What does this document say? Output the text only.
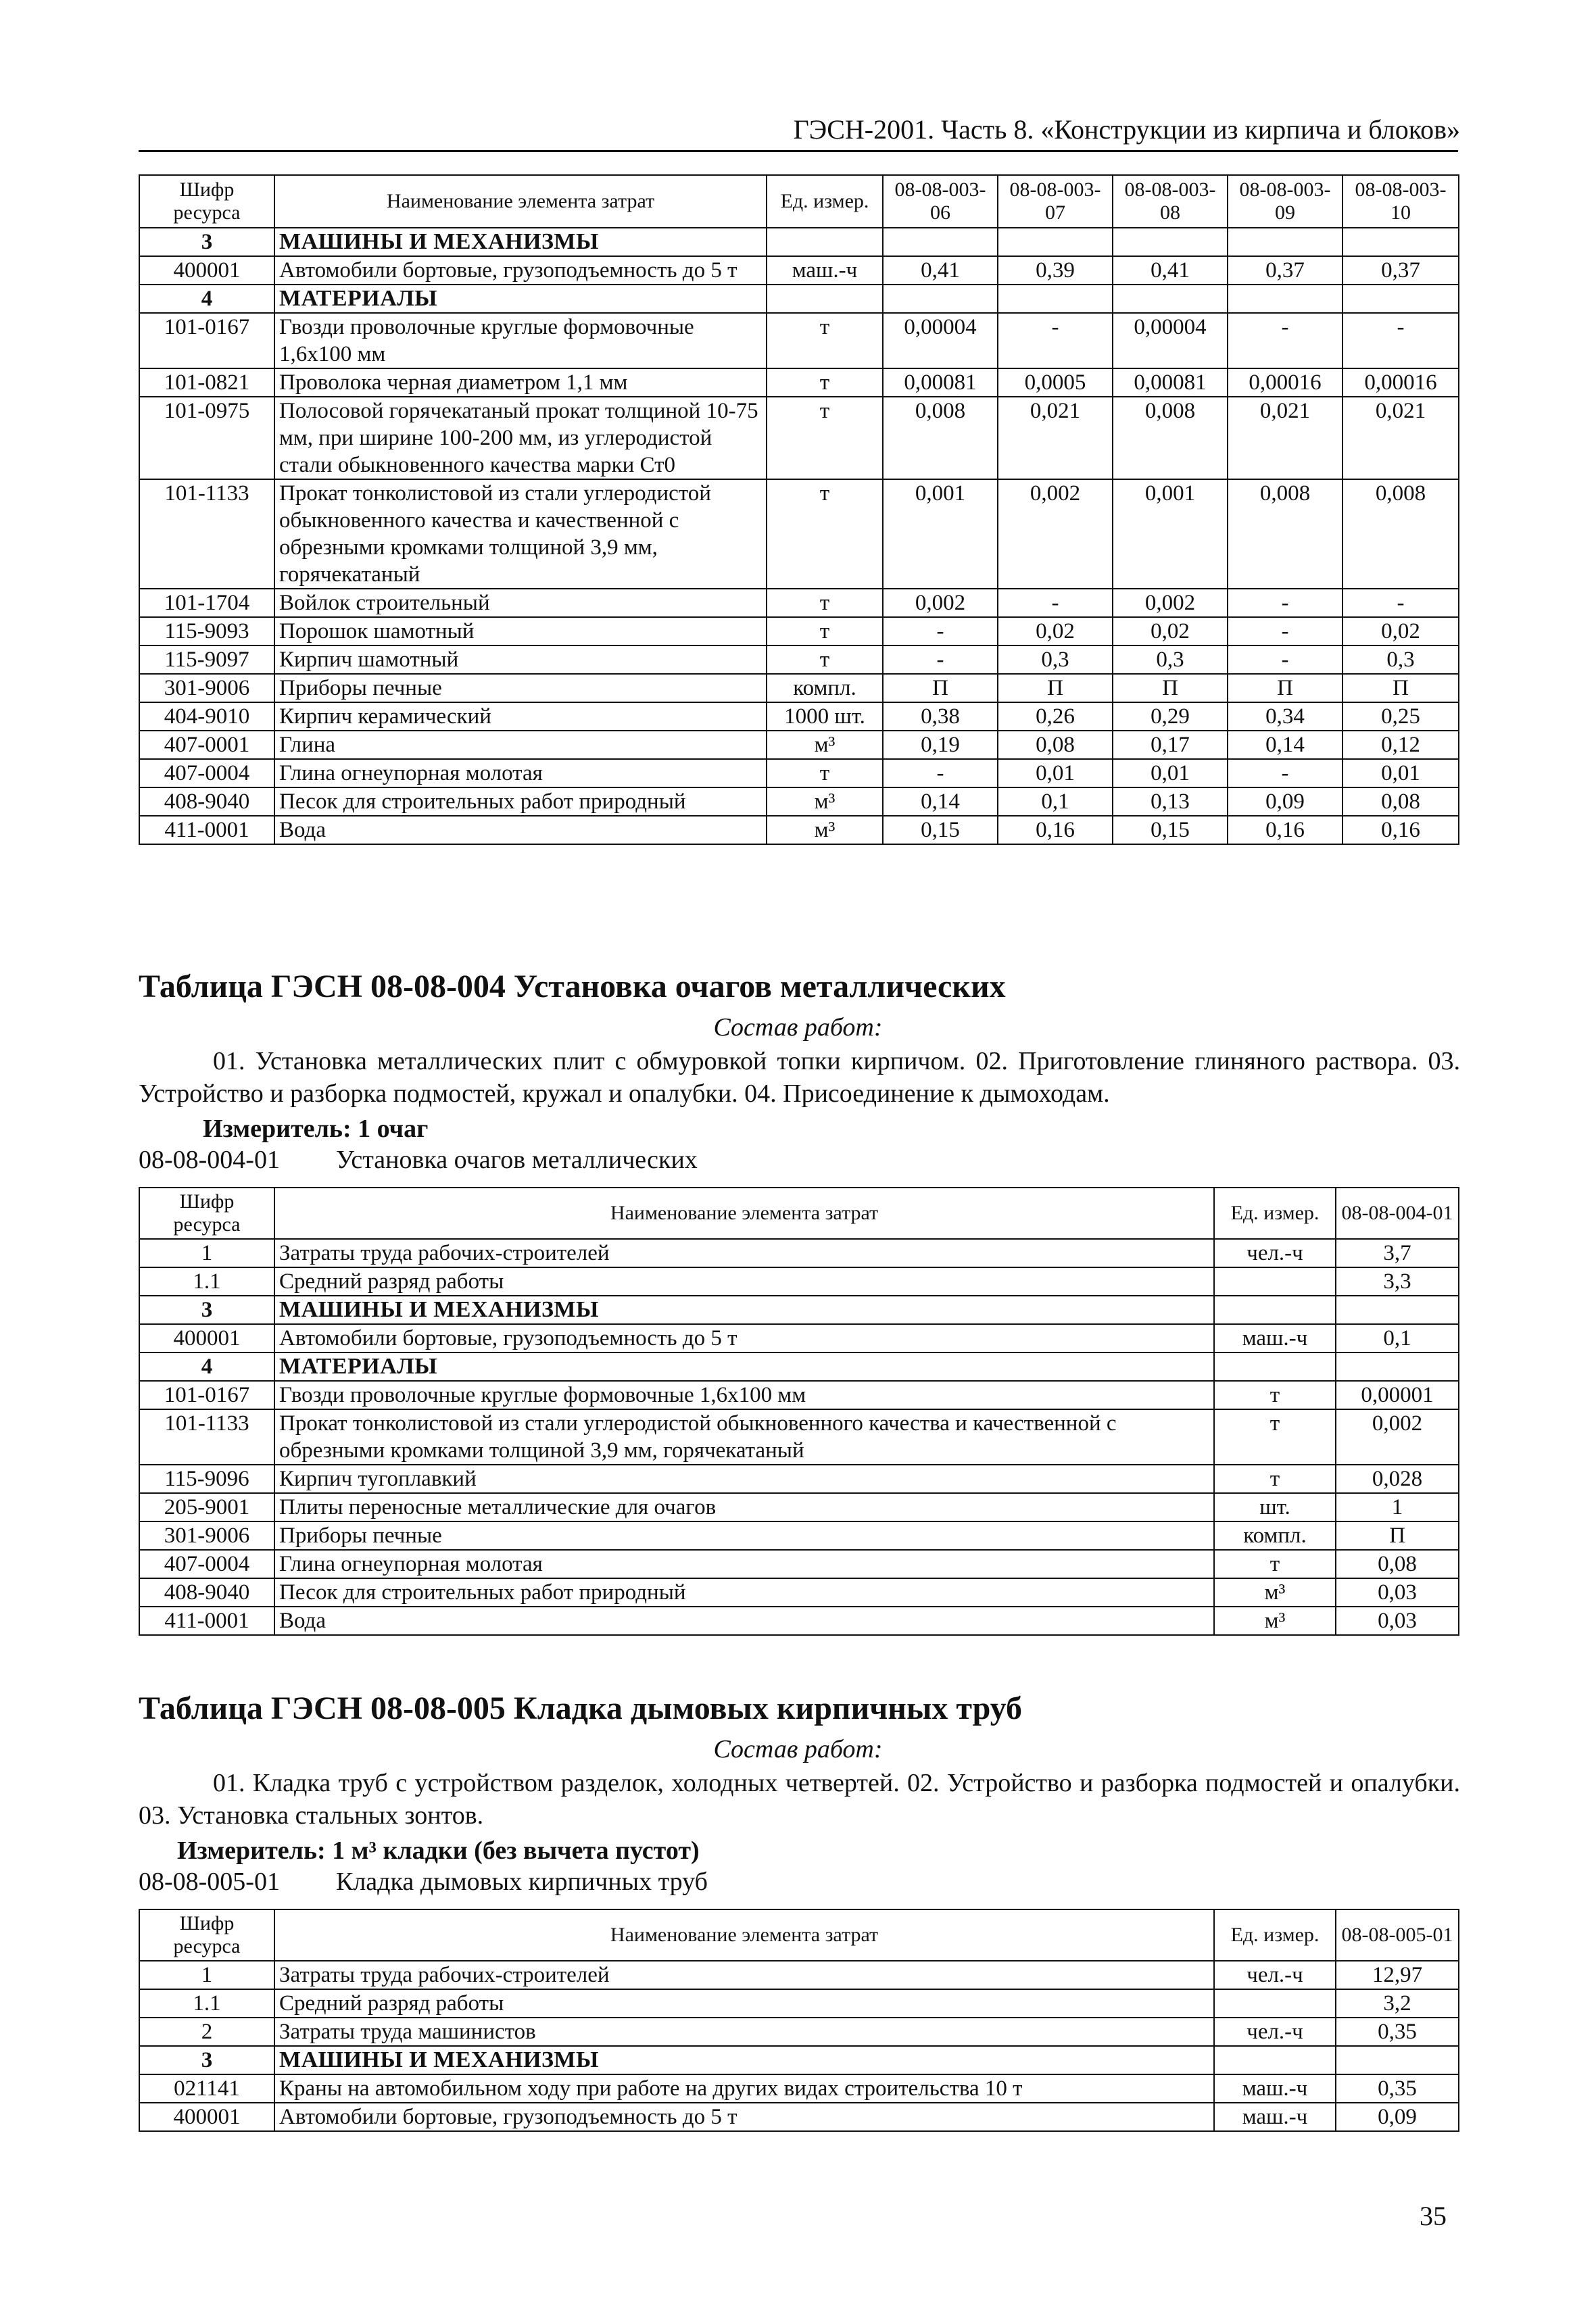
ГЭСН-2001. Часть 8. «Конструкции из кирпича и блоков»
Шифр ресурса	Наименование элемента затрат	Ед. измер.	08-08-003-06	08-08-003-07	08-08-003-08	08-08-003-09	08-08-003-10
3	МАШИНЫ И МЕХАНИЗМЫ						
400001	Автомобили бортовые, грузоподъемность до 5 т	маш.-ч	0,41	0,39	0,41	0,37	0,37
4	МАТЕРИАЛЫ						
101-0167	Гвозди проволочные круглые формовочные 1,6х100 мм	т	0,00004	-	0,00004	-	-
101-0821	Проволока черная диаметром 1,1 мм	т	0,00081	0,0005	0,00081	0,00016	0,00016
101-0975	Полосовой горячекатаный прокат толщиной 10-75 мм, при ширине 100-200 мм, из углеродистой стали обыкновенного качества марки Ст0	т	0,008	0,021	0,008	0,021	0,021
101-1133	Прокат тонколистовой из стали углеродистой обыкновенного качества и качественной с обрезными кромками толщиной 3,9 мм, горячекатаный	т	0,001	0,002	0,001	0,008	0,008
101-1704	Войлок строительный	т	0,002	-	0,002	-	-
115-9093	Порошок шамотный	т	-	0,02	0,02	-	0,02
115-9097	Кирпич шамотный	т	-	0,3	0,3	-	0,3
301-9006	Приборы печные	компл.	П	П	П	П	П
404-9010	Кирпич керамический	1000 шт.	0,38	0,26	0,29	0,34	0,25
407-0001	Глина	м³	0,19	0,08	0,17	0,14	0,12
407-0004	Глина огнеупорная молотая	т	-	0,01	0,01	-	0,01
408-9040	Песок для строительных работ природный	м³	0,14	0,1	0,13	0,09	0,08
411-0001	Вода	м³	0,15	0,16	0,15	0,16	0,16
Таблица ГЭСН 08-08-004 Установка очагов металлических
Состав работ:
01. Установка металлических плит с обмуровкой топки кирпичом. 02. Приготовление глиняного раствора. 03. Устройство и разборка подмостей, кружал и опалубки. 04. Присоединение к дымоходам.
Измеритель: 1 очаг
08-08-004-01 Установка очагов металлических
Шифр ресурса	Наименование элемента затрат	Ед. измер.	08-08-004-01
1	Затраты труда рабочих-строителей	чел.-ч	3,7
1.1	Средний разряд работы		3,3
3	МАШИНЫ И МЕХАНИЗМЫ		
400001	Автомобили бортовые, грузоподъемность до 5 т	маш.-ч	0,1
4	МАТЕРИАЛЫ		
101-0167	Гвозди проволочные круглые формовочные 1,6х100 мм	т	0,00001
101-1133	Прокат тонколистовой из стали углеродистой обыкновенного качества и качественной с обрезными кромками толщиной 3,9 мм, горячекатаный	т	0,002
115-9096	Кирпич тугоплавкий	т	0,028
205-9001	Плиты переносные металлические для очагов	шт.	1
301-9006	Приборы печные	компл.	П
407-0004	Глина огнеупорная молотая	т	0,08
408-9040	Песок для строительных работ природный	м³	0,03
411-0001	Вода	м³	0,03
Таблица ГЭСН 08-08-005 Кладка дымовых кирпичных труб
Состав работ:
01. Кладка труб с устройством разделок, холодных четвертей. 02. Устройство и разборка подмостей и опалубки. 03. Установка стальных зонтов.
Измеритель: 1 м³ кладки (без вычета пустот)
08-08-005-01 Кладка дымовых кирпичных труб
Шифр ресурса	Наименование элемента затрат	Ед. измер.	08-08-005-01
1	Затраты труда рабочих-строителей	чел.-ч	12,97
1.1	Средний разряд работы		3,2
2	Затраты труда машинистов	чел.-ч	0,35
3	МАШИНЫ И МЕХАНИЗМЫ		
021141	Краны на автомобильном ходу при работе на других видах строительства 10 т	маш.-ч	0,35
400001	Автомобили бортовые, грузоподъемность до 5 т	маш.-ч	0,09
35
